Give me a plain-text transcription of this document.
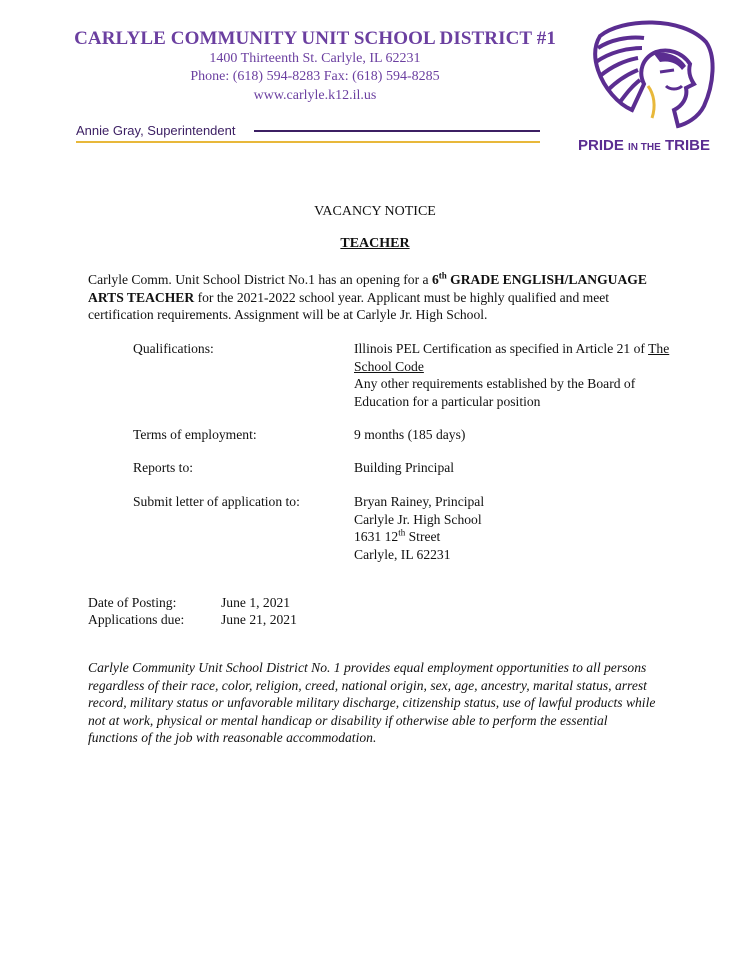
CARLYLE COMMUNITY UNIT SCHOOL DISTRICT #1
1400 Thirteenth St. Carlyle, IL 62231
Phone: (618) 594-8283 Fax: (618) 594-8285
www.carlyle.k12.il.us
Annie Gray, Superintendent
PRIDE IN THE TRIBE
VACANCY NOTICE
TEACHER

Carlyle Comm. Unit School District No.1 has an opening for a 6th GRADE ENGLISH/LANGUAGE

ARTS TEACHER for the 2021-2022 school year. Applicant must be highly qualified and meet

certification requirements. Assignment will be at Carlyle Jr. High School.

Qualifications:	Illinois PEL Certification as specified in Article 21 of The
School Code
Any other requirements established by the Board of
Education for a particular position
Terms of employment:	9 months (185 days)
Reports to:	Building Principal
Submit letter of application to:	Bryan Rainey, Principal
Carlyle Jr. High School
1631 12th Street
Carlyle, IL 62231
Date of Posting:	June 1, 2021
Applications due:	June 21, 2021
Carlyle Community Unit School District No. 1 provides equal employment opportunities to all persons
regardless of their race, color, religion, creed, national origin, sex, age, ancestry, marital status, arrest
record, military status or unfavorable military discharge, citizenship status, use of lawful products while
not at work, physical or mental handicap or disability if otherwise able to perform the essential
functions of the job with reasonable accommodation.
